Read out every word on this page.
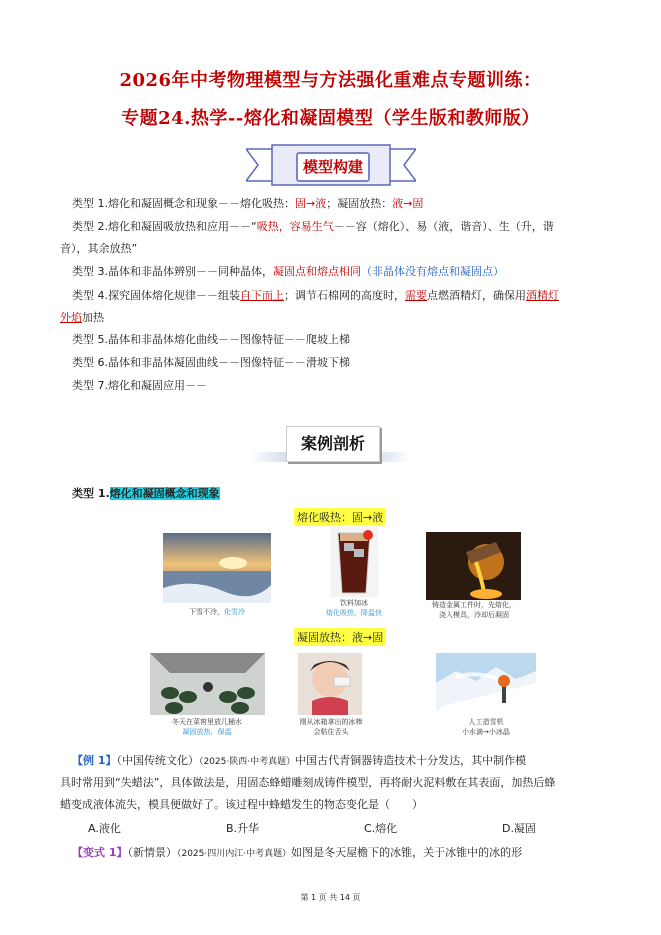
2026年中考物理模型与方法强化重难点专题训练：
专题24.热学--熔化和凝固模型（学生版和教师版）
模型构建
类型 1.熔化和凝固概念和现象－－熔化吸热：固→液；凝固放热：液→固
类型 2.熔化和凝固吸放热和应用－－“吸热，容易生气－－容（熔化）、易（液，谐音）、生（升，谐
音），其余放热”
类型 3.晶体和非晶体辨别－－同种晶体，凝固点和熔点相同（非晶体没有熔点和凝固点）
类型 4.探究固体熔化规律－－组装自下而上；调节石棉网的高度时，需要点燃酒精灯，确保用酒精灯
外焰加热
类型 5.晶体和非晶体熔化曲线－－图像特征－－爬坡上梯
类型 6.晶体和非晶体凝固曲线－－图像特征－－滑坡下梯
类型 7.熔化和凝固应用－－
案例剖析
类型 1.熔化和凝固概念和现象
熔化吸热：固→液
下雪不冷，化雪冷
饮料加冰
熔化吸热，降温快
铸造金属工件时，先熔化，
浇入模具，冷却后凝固
凝固放热：液→固
冬天在菜窖里放几桶水
凝固放热，保温
刚从冰箱拿出的冰棒
会粘住舌头
人工造雪机
小水滴→小冰晶
【例 1】（中国传统文化）（2025·陕西·中考真题）中国古代青铜器铸造技术十分发达，其中制作模
具时常用到“失蜡法”，具体做法是，用固态蜂蜡雕刻成铸件模型，再将耐火泥料敷在其表面，加热后蜂
蜡变成液体流失，模具便做好了。该过程中蜂蜡发生的物态变化是（　　）
A.液化	B.升华	C.熔化	D.凝固
【变式 1】（新情景）（2025·四川内江·中考真题）如图是冬天屋檐下的冰锥，关于冰锥中的冰的形
第 1 页 共 14 页
